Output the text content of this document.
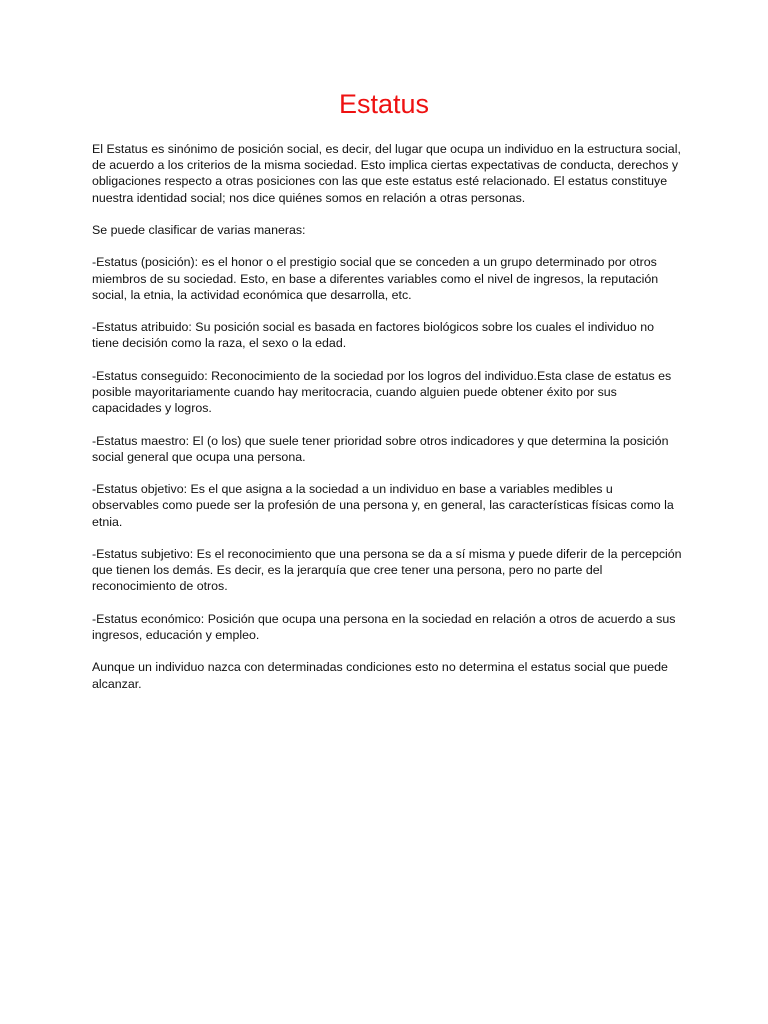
Estatus

El Estatus es sinónimo de posición social, es decir, del lugar que ocupa un individuo en la estructura social, de acuerdo a los criterios de la misma sociedad. Esto implica ciertas expectativas de conducta, derechos y obligaciones respecto a otras posiciones con las que este estatus esté relacionado. El estatus constituye nuestra identidad social; nos dice quiénes somos en relación a otras personas.

Se puede clasificar de varias maneras:

-Estatus (posición): es el honor o el prestigio social que se conceden a un grupo determinado por otros miembros de su sociedad. Esto, en base a diferentes variables como el nivel de ingresos, la reputación social, la etnia, la actividad económica que desarrolla, etc.

-Estatus atribuido: Su posición social es basada en factores biológicos sobre los cuales el individuo no tiene decisión como la raza, el sexo o la edad.

-Estatus conseguido: Reconocimiento de la sociedad por los logros del individuo.Esta clase de estatus es posible mayoritariamente cuando hay meritocracia, cuando alguien puede obtener éxito por sus capacidades y logros.

-Estatus maestro: El (o los) que suele tener prioridad sobre otros indicadores y que determina la posición social general que ocupa una persona.

-Estatus objetivo: Es el que asigna a la sociedad a un individuo en base a variables medibles u observables como puede ser la profesión de una persona y, en general, las características físicas como la etnia.

-Estatus subjetivo: Es el reconocimiento que una persona se da a sí misma y puede diferir de la percepción que tienen los demás. Es decir, es la jerarquía que cree tener una persona, pero no parte del reconocimiento de otros.

-Estatus económico: Posición que ocupa una persona en la sociedad en relación a otros de acuerdo a sus ingresos, educación y empleo.

Aunque un individuo nazca con determinadas condiciones esto no determina el estatus social que puede alcanzar.
